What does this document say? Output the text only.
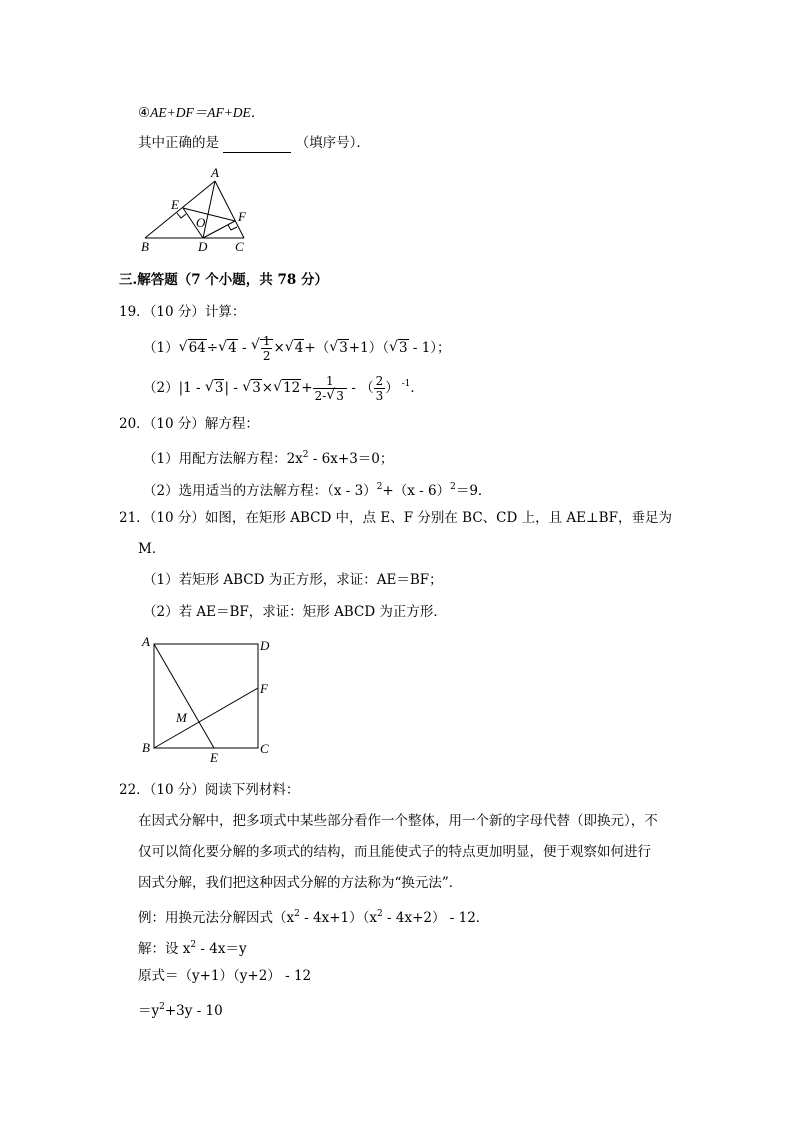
④AE+DF＝AF+DE．
其中正确的是	（填序号）．
A
E
O	F
B	D C
三.解答题（7 个小题，共 78 分）
19．（10 分）计算：
（1） √ 64÷ √ 4 - √ $\frac{1}{2}$ × √ 4+（ √ 3+1）（ √ 3 - 1）；
（2）|1 - √ 3| - √ 3× √ $12+ \frac{1}{2- √ 3}$ - （ $\frac{2}{3}$ ） $^{-1}$．
20．（10 分）解方程：
（1）用配方法解方程：$2x^2 - 6x+3=0$；
（2）选用适当的方法解方程：（x - 3）$^2$+（x - 6）$^2$＝9．
21．（10 分）如图，在矩形 ABCD 中，点 E、F 分别在 BC、CD 上，且 AE⊥BF，垂足为
M．
（1）若矩形 ABCD 为正方形，求证：AE＝BF；
（2）若 AE＝BF，求证：矩形 ABCD 为正方形．
A	D
F
M
B
E
C
22．（10 分）阅读下列材料：
在因式分解中，把多项式中某些部分看作一个整体，用一个新的字母代替（即换元），不
仅可以简化要分解的多项式的结构，而且能使式子的特点更加明显，便于观察如何进行
因式分解，我们把这种因式分解的方法称为“换元法”．
例：用换元法分解因式$(x^2 - 4x+1)(x^2 - 4x+2) - 12$．
解：设 $x^2 - 4x=y$
原式＝（y+1）（y+2） - 12
$=y^2+3y - 10$
